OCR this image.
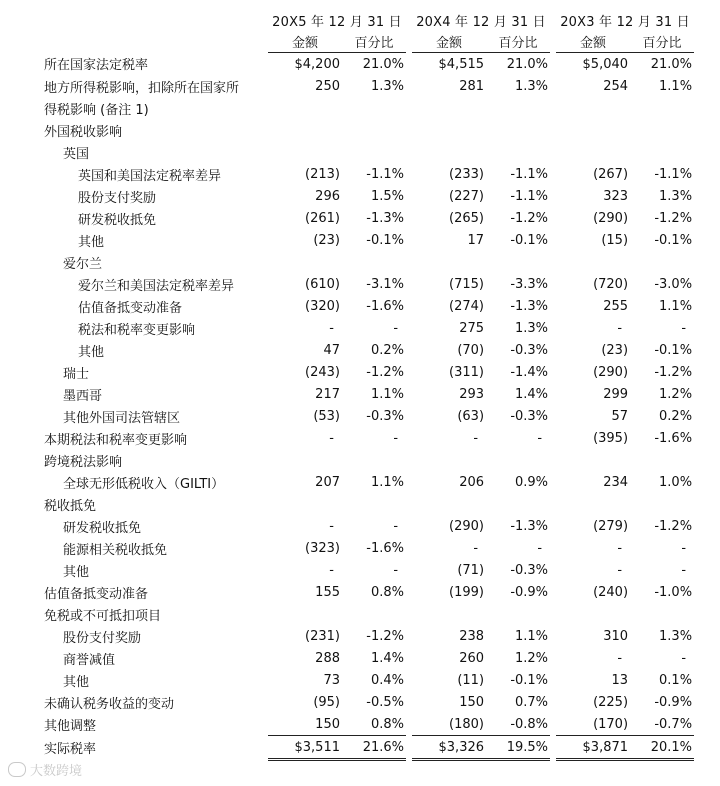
	20X5 年 12 月 31 日			20X4 年 12 月 31 日			20X3 年 12 月 31 日	
	金额	百分比		金额	百分比		金额	百分比
所在国家法定税率	$4,200	21.0%		$4,515	21.0%		$5,040	21.0%
地方所得税影响，扣除所在国家所	250	1.3%		281	1.3%		254	1.1%
得税影响 (备注 1)								
外国税收影响								
英国								
英国和美国法定税率差异	(213)	-1.1%		(233)	-1.1%		(267)	-1.1%
股份支付奖励	296	1.5%		(227)	-1.1%		323	1.3%
研发税收抵免	(261)	-1.3%		(265)	-1.2%		(290)	-1.2%
其他	(23)	-0.1%		17	-0.1%		(15)	-0.1%
爱尔兰								
爱尔兰和美国法定税率差异	(610)	-3.1%		(715)	-3.3%		(720)	-3.0%
估值备抵变动准备	(320)	-1.6%		(274)	-1.3%		255	1.1%
税法和税率变更影响	-	-		275	1.3%		-	-
其他	47	0.2%		(70)	-0.3%		(23)	-0.1%
瑞士	(243)	-1.2%		(311)	-1.4%		(290)	-1.2%
墨西哥	217	1.1%		293	1.4%		299	1.2%
其他外国司法管辖区	(53)	-0.3%		(63)	-0.3%		57	0.2%
本期税法和税率变更影响	-	-		-	-		(395)	-1.6%
跨境税法影响								
全球无形低税收入（GILTI）	207	1.1%		206	0.9%		234	1.0%
税收抵免								
研发税收抵免	-	-		(290)	-1.3%		(279)	-1.2%
能源相关税收抵免	(323)	-1.6%		-	-		-	-
其他	-	-		(71)	-0.3%		-	-
估值备抵变动准备	155	0.8%		(199)	-0.9%		(240)	-1.0%
免税或不可抵扣项目								
股份支付奖励	(231)	-1.2%		238	1.1%		310	1.3%
商誉减值	288	1.4%		260	1.2%		-	-
其他	73	0.4%		(11)	-0.1%		13	0.1%
未确认税务收益的变动	(95)	-0.5%		150	0.7%		(225)	-0.9%
其他调整	150	0.8%		(180)	-0.8%		(170)	-0.7%
实际税率	$3,511	21.6%		$3,326	19.5%		$3,871	20.1%
大数跨境
